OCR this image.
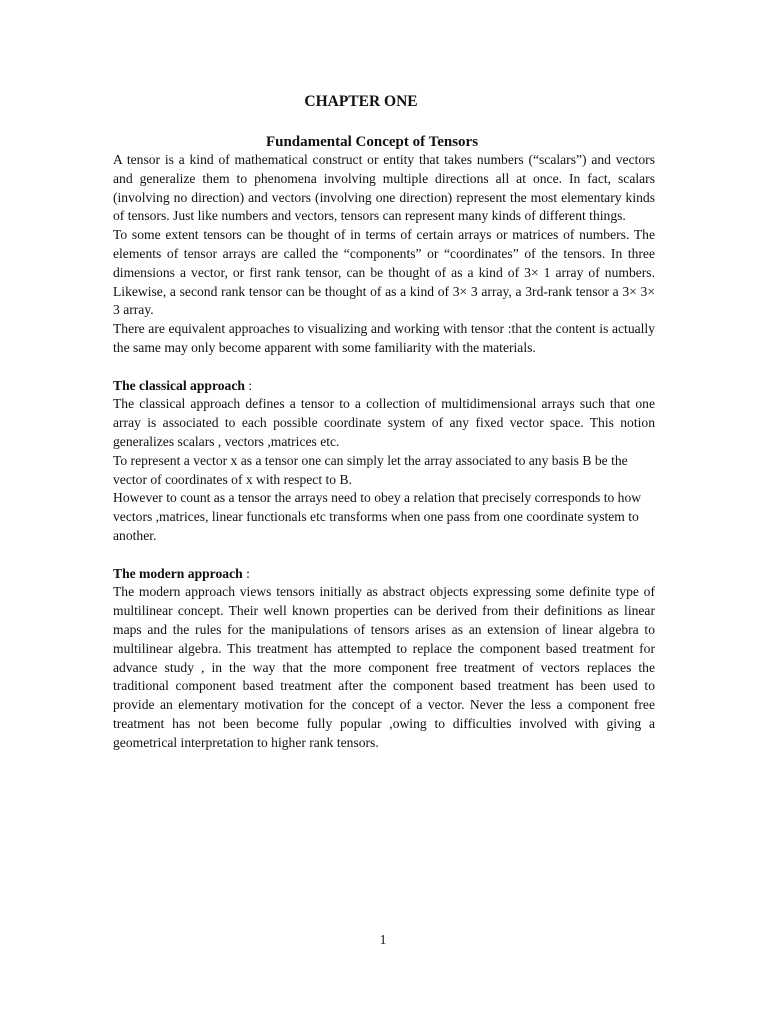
CHAPTER ONE
Fundamental Concept of Tensors

A tensor is a kind of mathematical construct or entity that takes numbers (“scalars”) and vectors and generalize them to phenomena involving multiple directions all at once. In fact, scalars (involving no direction) and vectors (involving one direction) represent the most elementary kinds of tensors. Just like numbers and vectors, tensors can represent many kinds of different things.

To some extent tensors can be thought of in terms of certain arrays or matrices of numbers. The elements of tensor arrays are called the “components” or “coordinates” of the tensors. In three dimensions a vector, or first rank tensor, can be thought of as a kind of 3× 1 array of numbers. Likewise, a second rank tensor can be thought of as a kind of 3× 3 array, a 3rd-rank tensor a 3× 3× 3 array.

There are equivalent approaches to visualizing and working with tensor :that the content is actually the same may only become apparent with some familiarity with the materials.

The classical approach :

The classical approach defines a tensor to a collection of multidimensional arrays such that one array is associated to each possible coordinate system of any fixed vector space. This notion generalizes scalars , vectors ,matrices etc.

To represent a vector x as a tensor one can simply let the array associated to any basis B be the vector of coordinates of x with respect to B.

However to count as a tensor the arrays need to obey a relation that precisely corresponds to how vectors ,matrices, linear functionals etc transforms when one pass from one coordinate system to another.

The modern approach :

The modern approach views tensors initially as abstract objects expressing some definite type of multilinear concept. Their well known properties can be derived from their definitions as linear maps and the rules for the manipulations of tensors arises as an extension of linear algebra to multilinear algebra. This treatment has attempted to replace the component based treatment for advance study , in the way that the more component free treatment of vectors replaces the traditional component based treatment after the component based treatment has been used to provide an elementary motivation for the concept of a vector. Never the less a component free treatment has not been become fully popular ,owing to difficulties involved with giving a geometrical interpretation to higher rank tensors.

1
